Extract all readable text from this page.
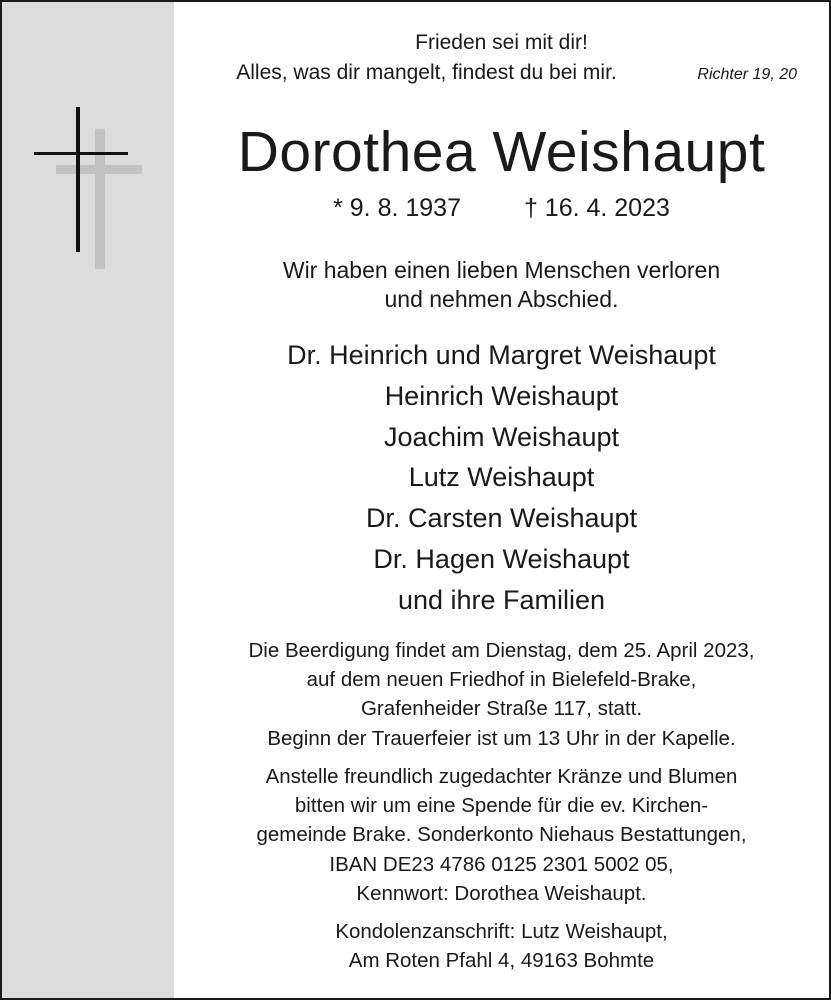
Frieden sei mit dir!
Alles, was dir mangelt, findest du bei mir.	Richter 19, 20
Dorothea Weishaupt
* 9. 8. 1937	† 16. 4. 2023
Wir haben einen lieben Menschen verloren
und nehmen Abschied.
Dr. Heinrich und Margret Weishaupt
Heinrich Weishaupt
Joachim Weishaupt
Lutz Weishaupt
Dr. Carsten Weishaupt
Dr. Hagen Weishaupt
und ihre Familien
Die Beerdigung findet am Dienstag, dem 25. April 2023,
auf dem neuen Friedhof in Bielefeld-Brake,
Grafenheider Straße 117, statt.
Beginn der Trauerfeier ist um 13 Uhr in der Kapelle.
Anstelle freundlich zugedachter Kränze und Blumen
bitten wir um eine Spende für die ev. Kirchen-
gemeinde Brake. Sonderkonto Niehaus Bestattungen,
IBAN DE23 4786 0125 2301 5002 05,
Kennwort: Dorothea Weishaupt.
Kondolenzanschrift: Lutz Weishaupt,
Am Roten Pfahl 4, 49163 Bohmte
